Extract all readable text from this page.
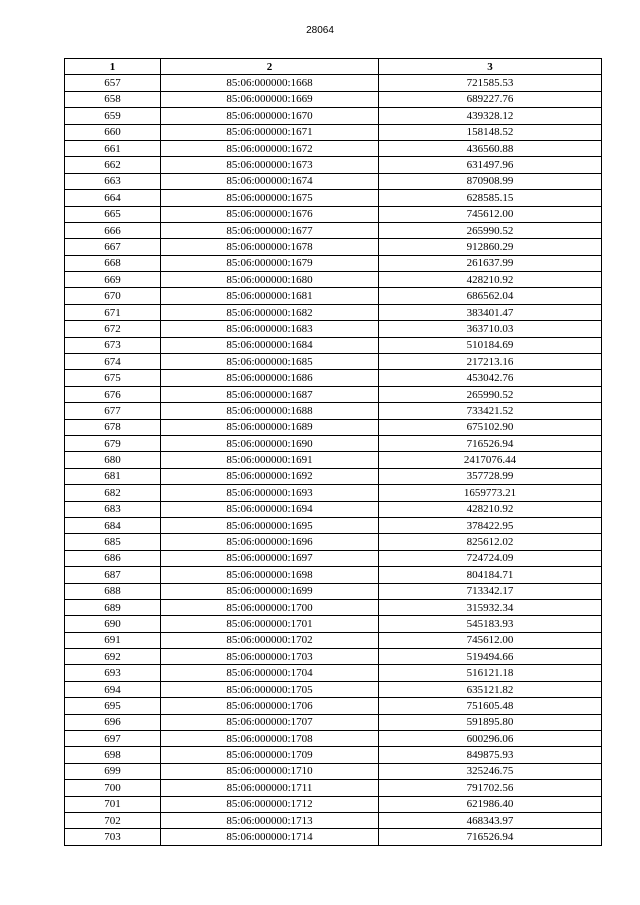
28064
1	2	3
657	85:06:000000:1668	721585.53
658	85:06:000000:1669	689227.76
659	85:06:000000:1670	439328.12
660	85:06:000000:1671	158148.52
661	85:06:000000:1672	436560.88
662	85:06:000000:1673	631497.96
663	85:06:000000:1674	870908.99
664	85:06:000000:1675	628585.15
665	85:06:000000:1676	745612.00
666	85:06:000000:1677	265990.52
667	85:06:000000:1678	912860.29
668	85:06:000000:1679	261637.99
669	85:06:000000:1680	428210.92
670	85:06:000000:1681	686562.04
671	85:06:000000:1682	383401.47
672	85:06:000000:1683	363710.03
673	85:06:000000:1684	510184.69
674	85:06:000000:1685	217213.16
675	85:06:000000:1686	453042.76
676	85:06:000000:1687	265990.52
677	85:06:000000:1688	733421.52
678	85:06:000000:1689	675102.90
679	85:06:000000:1690	716526.94
680	85:06:000000:1691	2417076.44
681	85:06:000000:1692	357728.99
682	85:06:000000:1693	1659773.21
683	85:06:000000:1694	428210.92
684	85:06:000000:1695	378422.95
685	85:06:000000:1696	825612.02
686	85:06:000000:1697	724724.09
687	85:06:000000:1698	804184.71
688	85:06:000000:1699	713342.17
689	85:06:000000:1700	315932.34
690	85:06:000000:1701	545183.93
691	85:06:000000:1702	745612.00
692	85:06:000000:1703	519494.66
693	85:06:000000:1704	516121.18
694	85:06:000000:1705	635121.82
695	85:06:000000:1706	751605.48
696	85:06:000000:1707	591895.80
697	85:06:000000:1708	600296.06
698	85:06:000000:1709	849875.93
699	85:06:000000:1710	325246.75
700	85:06:000000:1711	791702.56
701	85:06:000000:1712	621986.40
702	85:06:000000:1713	468343.97
703	85:06:000000:1714	716526.94
